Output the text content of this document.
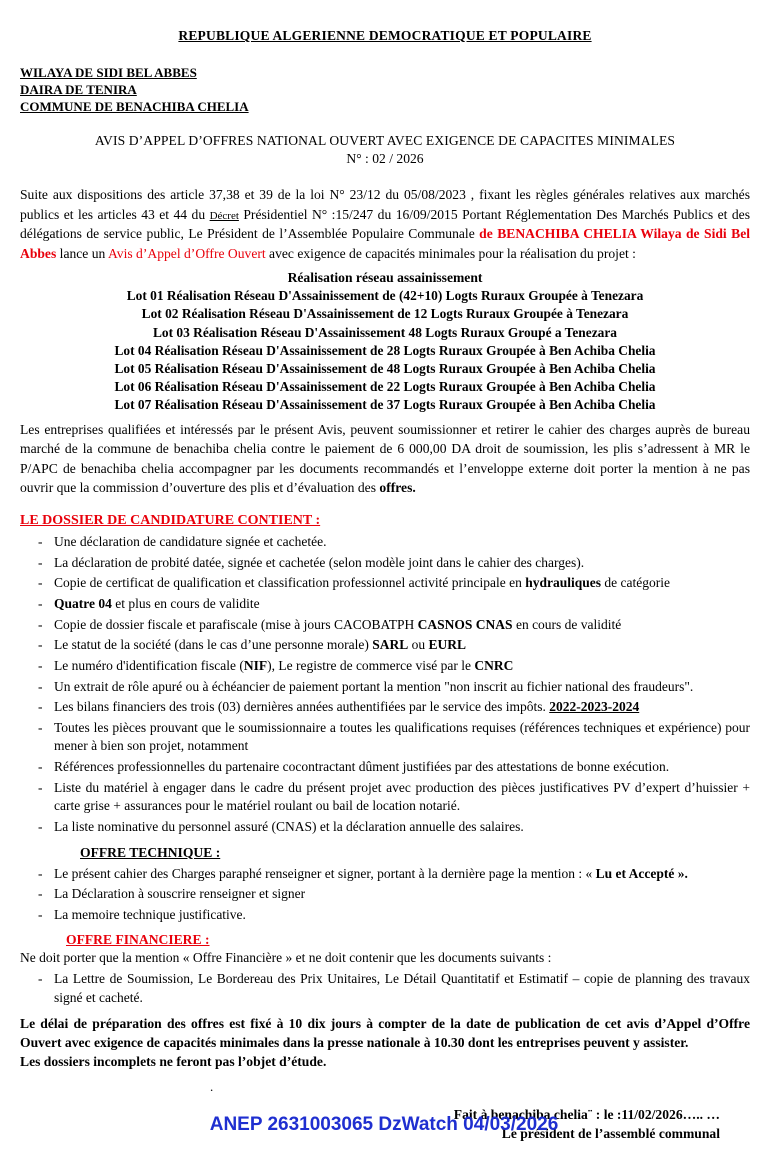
REPUBLIQUE ALGERIENNE DEMOCRATIQUE ET POPULAIRE
WILAYA DE SIDI BEL ABBES
DAIRA DE TENIRA
COMMUNE DE BENACHIBA CHELIA
AVIS D’APPEL D’OFFRES NATIONAL OUVERT AVEC EXIGENCE DE CAPACITES MINIMALES
N° : 02 / 2026
Suite aux dispositions des article 37,38 et 39 de la loi N° 23/12 du 05/08/2023 , fixant les règles générales relatives aux marchés publics et les articles 43 et 44 du Décret Présidentiel N° :15/247 du 16/09/2015 Portant Réglementation Des Marchés Publics et des délégations de service public, Le Président de l’Assemblée Populaire Communale de BENACHIBA CHELIA Wilaya de Sidi Bel Abbes lance un Avis d’Appel d’Offre Ouvert avec exigence de capacités minimales pour la réalisation du projet :
Réalisation réseau assainissement
Lot 01 Réalisation Réseau D'Assainissement de (42+10) Logts Ruraux Groupée à Tenezara
Lot 02 Réalisation Réseau D'Assainissement de 12 Logts Ruraux Groupée à Tenezara
Lot 03 Réalisation Réseau D'Assainissement 48 Logts Ruraux Groupé a Tenezara
Lot 04 Réalisation Réseau D'Assainissement de 28 Logts Ruraux Groupée à Ben Achiba Chelia
Lot 05 Réalisation Réseau D'Assainissement de 48 Logts Ruraux Groupée à Ben Achiba Chelia
Lot 06 Réalisation Réseau D'Assainissement de 22 Logts Ruraux Groupée à Ben Achiba Chelia
Lot 07 Réalisation Réseau D'Assainissement de 37 Logts Ruraux Groupée à Ben Achiba Chelia
Les entreprises qualifiées et intéressés par le présent Avis, peuvent soumissionner et retirer le cahier des charges auprès de bureau marché de la commune de benachiba chelia contre le paiement de 6 000,00 DA droit de soumission, les plis s’adressent à MR le P/APC de benachiba chelia accompagner par les documents recommandés et l’enveloppe externe doit porter la mention à ne pas ouvrir que la commission d’ouverture des plis et d’évaluation des offres.
LE DOSSIER DE CANDIDATURE CONTIENT :
- Une déclaration de candidature signée et cachetée.
- La déclaration de probité datée, signée et cachetée (selon modèle joint dans le cahier des charges).
- Copie de certificat de qualification et classification professionnel activité principale en hydrauliques de catégorie
- Quatre 04 et plus en cours de validite
- Copie de dossier fiscale et parafiscale (mise à jours CACOBATPH CASNOS CNAS en cours de validité
- Le statut de la société (dans le cas d’une personne morale) SARL ou EURL
- Le numéro d'identification fiscale (NIF), Le registre de commerce visé par le CNRC
- Un extrait de rôle apuré ou à échéancier de paiement portant la mention "non inscrit au fichier national des fraudeurs".
- Les bilans financiers des trois (03) dernières années authentifiées par le service des impôts. 2022-2023-2024
- Toutes les pièces prouvant que le soumissionnaire a toutes les qualifications requises (références techniques et expérience) pour mener à bien son projet, notamment
- Références professionnelles du partenaire cocontractant dûment justifiées par des attestations de bonne exécution.
- Liste du matériel à engager dans le cadre du présent projet avec production des pièces justificatives PV d’expert d’huissier + carte grise + assurances pour le matériel roulant ou bail de location notarié.
- La liste nominative du personnel assuré (CNAS) et la déclaration annuelle des salaires.
OFFRE TECHNIQUE :
- Le présent cahier des Charges paraphé renseigner et signer, portant à la dernière page la mention : « Lu et Accepté ».
- La Déclaration à souscrire renseigner et signer
- La memoire technique justificative.
OFFRE FINANCIERE :
Ne doit porter que la mention « Offre Financière » et ne doit contenir que les documents suivants :
- La Lettre de Soumission, Le Bordereau des Prix Unitaires, Le Détail Quantitatif et Estimatif – copie de planning des travaux signé et cacheté.
Le délai de préparation des offres est fixé à 10 dix jours à compter de la date de publication de cet avis d’Appel d’Offre Ouvert avec exigence de capacités minimales dans la presse nationale à 10.30 dont les entreprises peuvent y assister.
Les dossiers incomplets ne feront pas l’objet d’étude.
.
Fait à benachiba chelia¨ : le :11/02/2026….. …
Le président de l’assemblé communal
ANEP 2631003065 DzWatch 04/03/2026
